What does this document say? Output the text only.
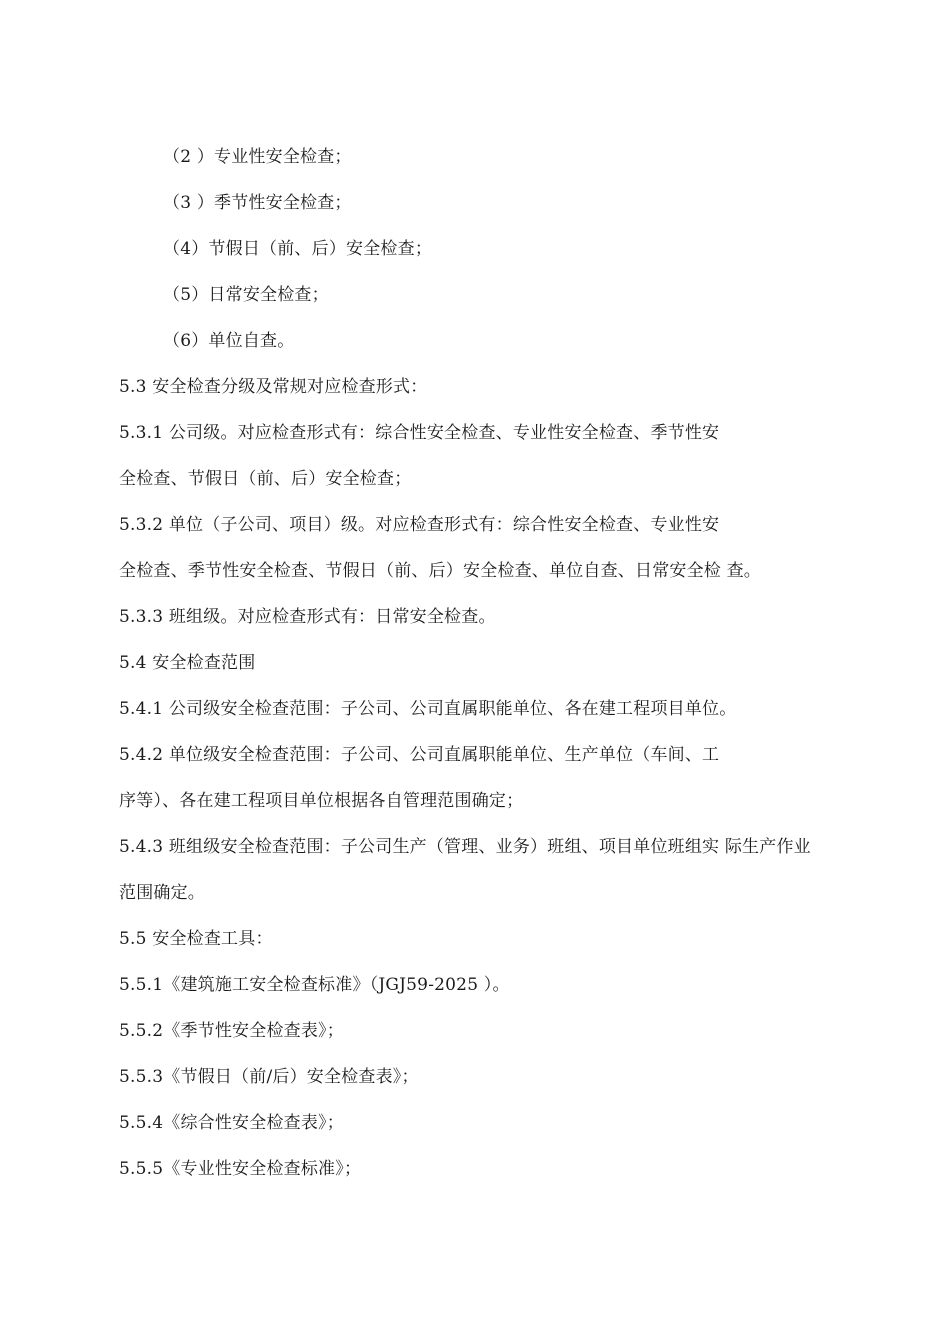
（2 ）专业性安全检查；
（3 ）季节性安全检查；
（4）节假日（前、后）安全检查；
（5）日常安全检查；
（6）单位自查。
5.3 安全检查分级及常规对应检查形式：
5.3.1 公司级。对应检查形式有：综合性安全检查、专业性安全检查、季节性安
全检查、节假日（前、后）安全检查；
5.3.2 单位（子公司、项目）级。对应检查形式有：综合性安全检查、专业性安
全检查、季节性安全检查、节假日（前、后）安全检查、单位自查、日常安全检 查。
5.3.3 班组级。对应检查形式有：日常安全检查。
5.4 安全检查范围
5.4.1 公司级安全检查范围：子公司、公司直属职能单位、各在建工程项目单位。
5.4.2 单位级安全检查范围：子公司、公司直属职能单位、生产单位（车间、工
序等）、各在建工程项目单位根据各自管理范围确定；
5.4.3 班组级安全检查范围：子公司生产（管理、业务）班组、项目单位班组实 际生产作业
范围确定。
5.5 安全检查工具：
5.5.1《建筑施工安全检查标准》（JGJ59-2025 ）。
5.5.2《季节性安全检查表》；
5.5.3《节假日（前/后）安全检查表》；
5.5.4《综合性安全检查表》；
5.5.5《专业性安全检查标准》；
